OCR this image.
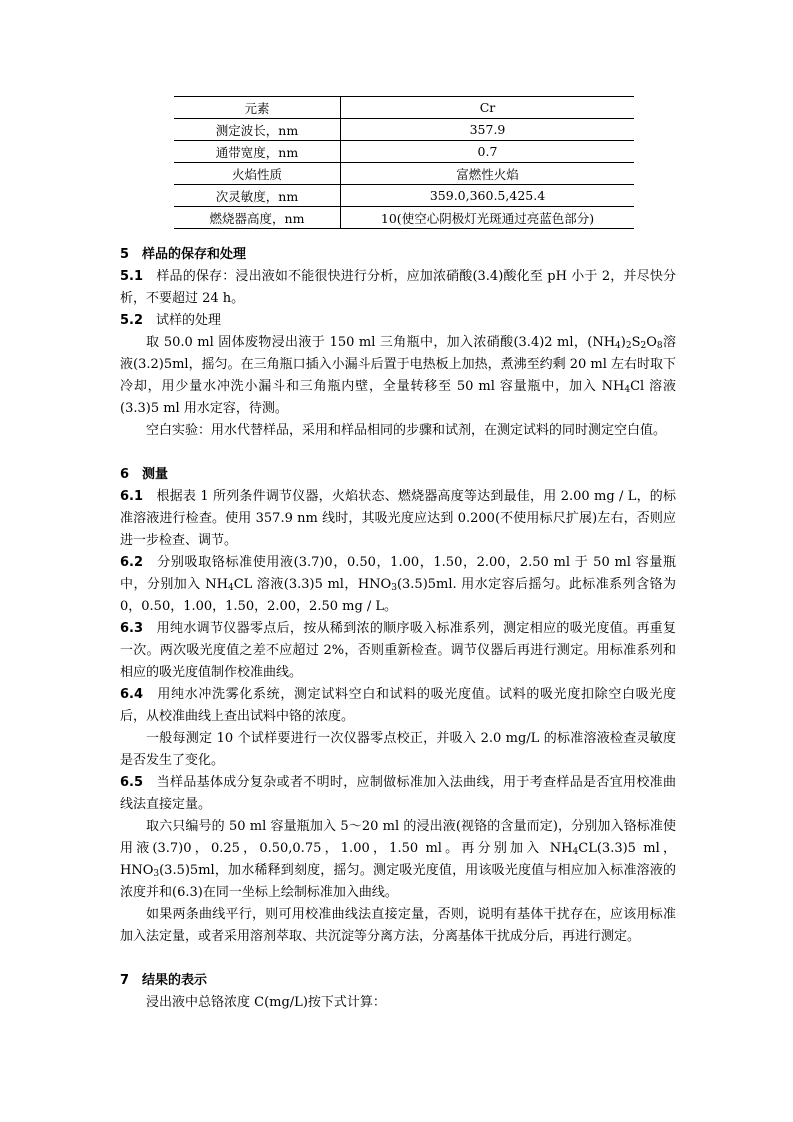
元素	Cr
测定波长，nm	357.9
通带宽度，nm	0.7
火焰性质	富燃性火焰
次灵敏度，nm	359.0,360.5,425.4
燃烧器高度，nm	10(使空心阴极灯光斑通过亮蓝色部分)

5　样品的保存和处理

5.1　样品的保存：浸出液如不能很快进行分析，应加浓硝酸(3.4)酸化至 pH 小于 2，并尽快分析，不要超过 24 h。

5.2　试样的处理

取 50.0 ml 固体废物浸出液于 150 ml 三角瓶中，加入浓硝酸(3.4)2 ml，$(NH_4)_2S_2O_8$溶液(3.2)5ml，摇匀。在三角瓶口插入小漏斗后置于电热板上加热，煮沸至约剩 20 ml 左右时取下冷却，用少量水冲洗小漏斗和三角瓶内壁，全量转移至 50 ml 容量瓶中，加入 $NH_4Cl$ 溶液(3.3)5 ml 用水定容，待测。

空白实验：用水代替样品，采用和样品相同的步骤和试剂，在测定试料的同时测定空白值。

6　测量

6.1　根据表 1 所列条件调节仪器，火焰状态、燃烧器高度等达到最佳，用 2.00 mg / L，的标准溶液进行检查。使用 357.9 nm 线时，其吸光度应达到 0.200(不使用标尺扩展)左右，否则应进一步检查、调节。

6.2　分别吸取铬标准使用液(3.7)0，0.50，1.00，1.50，2.00，2.50 ml 于 50 ml 容量瓶中，分别加入 $NH_4CL$ 溶液(3.3)5 ml，$HNO_3(3.5)5ml$. 用水定容后摇匀。此标准系列含铬为 0，0.50，1.00，1.50，2.00，2.50 mg / L。

6.3　用纯水调节仪器零点后，按从稀到浓的顺序吸入标准系列，测定相应的吸光度值。再重复一次。两次吸光度值之差不应超过 2%，否则重新检查。调节仪器后再进行测定。用标准系列和相应的吸光度值制作校准曲线。

6.4　用纯水冲洗雾化系统，测定试料空白和试料的吸光度值。试料的吸光度扣除空白吸光度后，从校准曲线上查出试料中铬的浓度。

一般每测定 10 个试样要进行一次仪器零点校正，并吸入 2.0 mg/L 的标准溶液检查灵敏度是否发生了变化。

6.5　当样品基体成分复杂或者不明时，应制做标准加入法曲线，用于考查样品是否宜用校准曲线法直接定量。

取六只编号的 50 ml 容量瓶加入 5～20 ml 的浸出液(视铬的含量而定)，分别加入铬标准使用液(3.7)0，0.25，0.50,0.75，1.00，1.50 ml。再分别加入 $NH_4CL(3.3)5$ ml，$HNO_3(3.5)5ml$，加水稀释到刻度，摇匀。测定吸光度值，用该吸光度值与相应加入标准溶液的浓度并和(6.3)在同一坐标上绘制标准加入曲线。

如果两条曲线平行，则可用校准曲线法直接定量，否则，说明有基体干扰存在，应该用标准加入法定量，或者采用溶剂萃取、共沉淀等分离方法，分离基体干扰成分后，再进行测定。

7　结果的表示

浸出液中总铬浓度 C(mg/L)按下式计算：
